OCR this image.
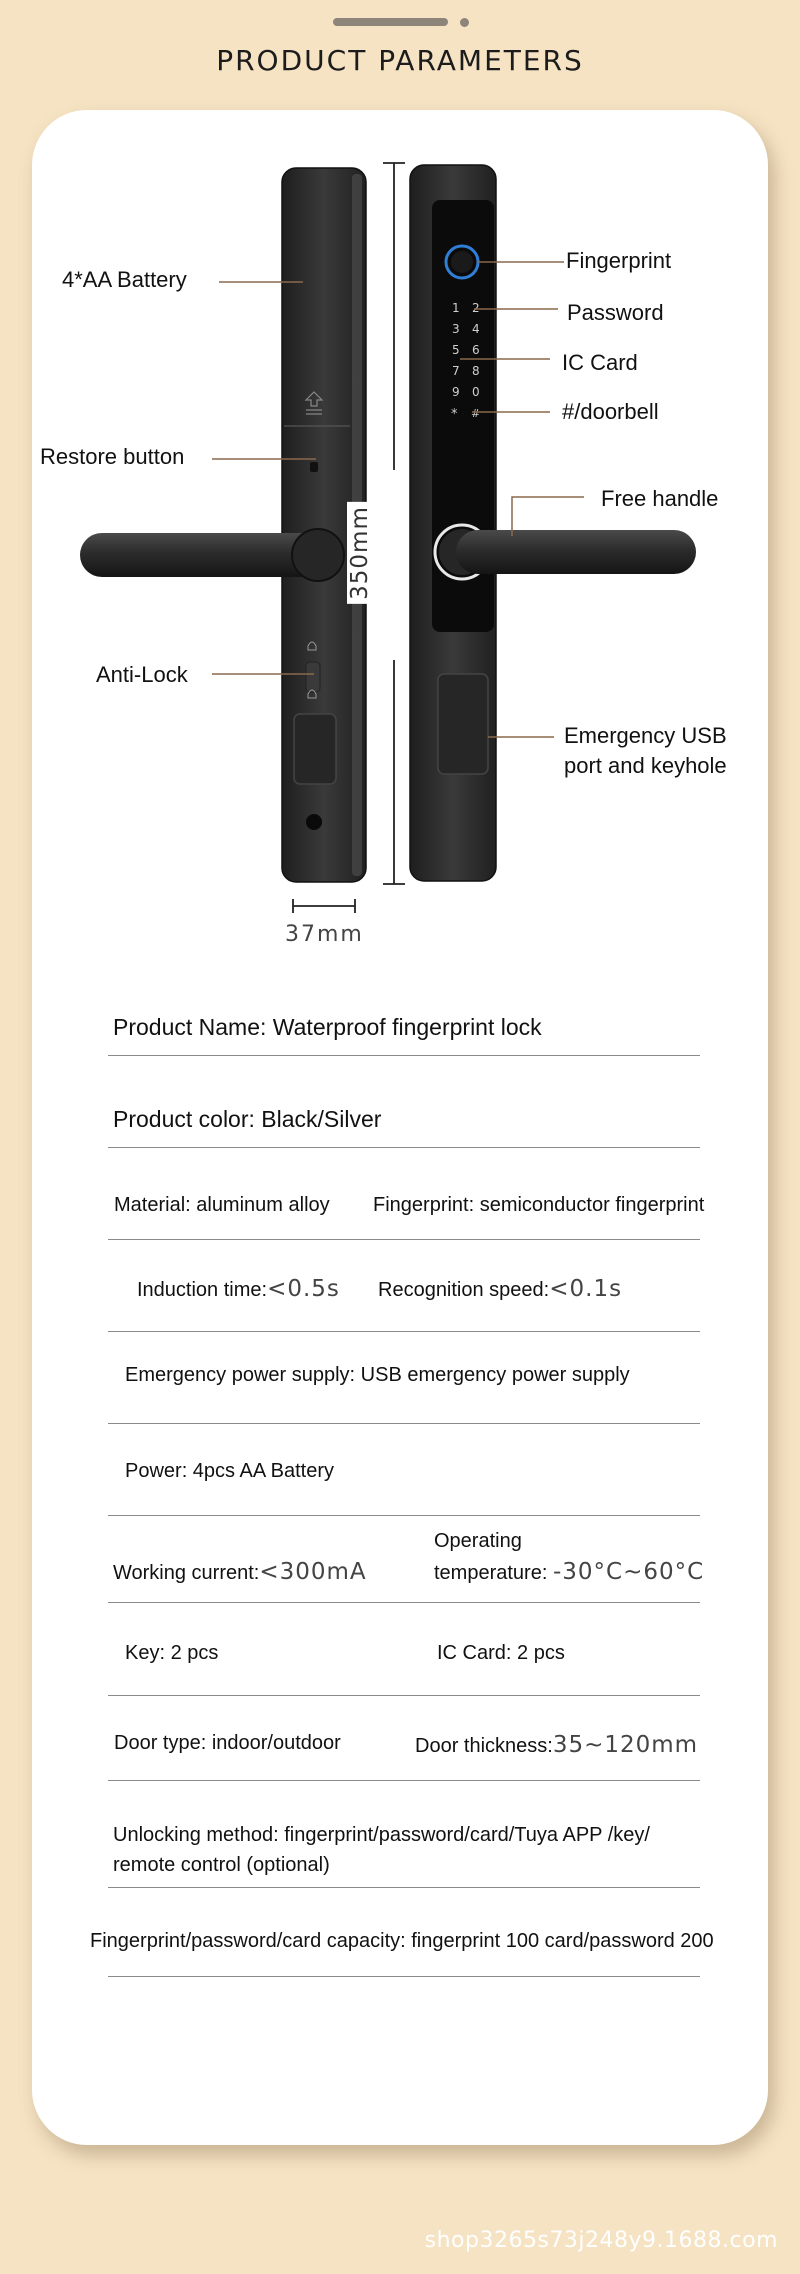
PRODUCT PARAMETERS
1 2
3 4
5 6
7 8
9 0
* #
4*AA Battery
Restore button
Anti-Lock
Fingerprint
Password
IC Card
#/doorbell
Free handle
Emergency USB
port and keyhole
350mm
37mm
Product Name: Waterproof fingerprint lock
Product color: Black/Silver
Material: aluminum alloy Fingerprint: semiconductor fingerprint
Induction time:<0.5s Recognition speed:<0.1s
Emergency power supply: USB emergency power supply
Power: 4pcs AA Battery
Working current:<300mA
Operating
temperature: -30°C~60°C
Key: 2 pcs	IC Card: 2 pcs
Door type: indoor/outdoor	Door thickness:35~120mm
Unlocking method: fingerprint/password/card/Tuya APP /key/
remote control (optional)
Fingerprint/password/card capacity: fingerprint 100 card/password 200
shop3265s73j248y9.1688.com
